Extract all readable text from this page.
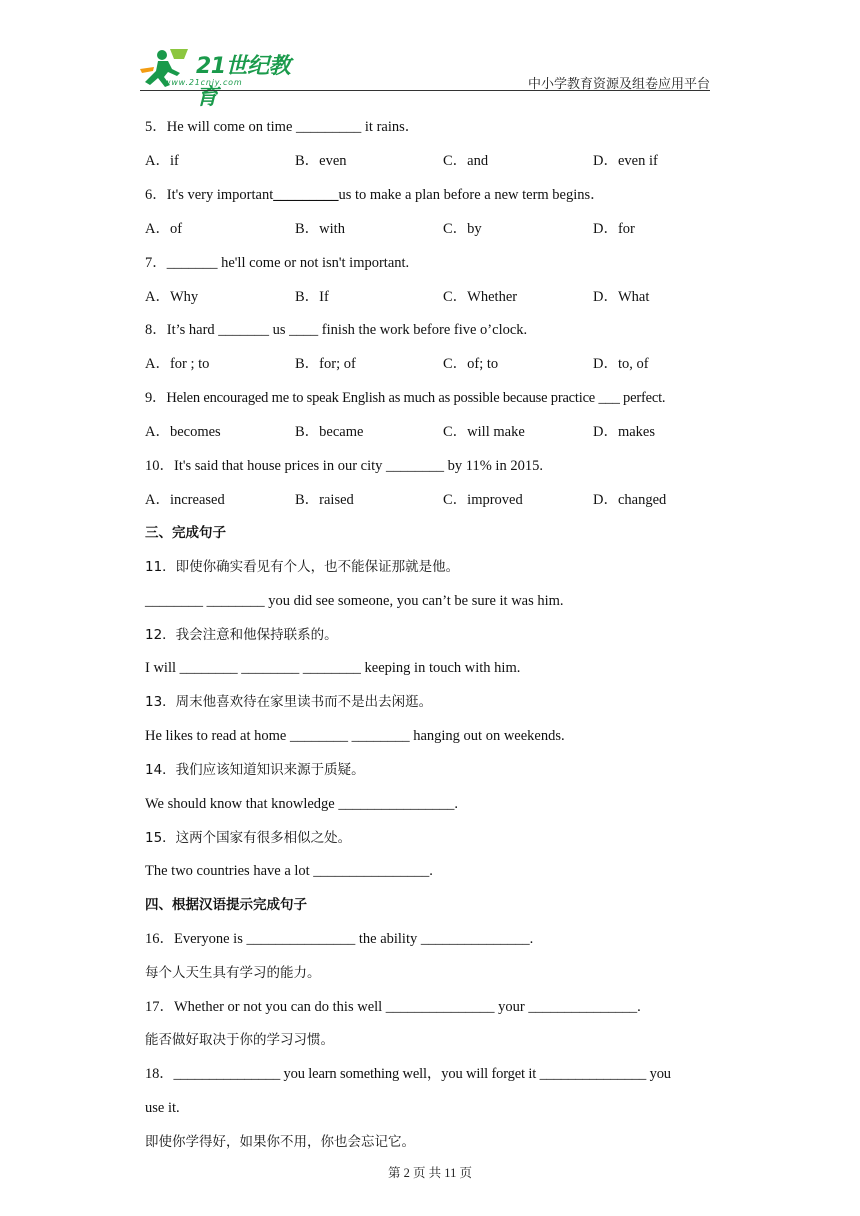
21世纪教育
www.21cnjy.com	中小学教育资源及组卷应用平台
5．He will come on time _________ it rains．
A．if	B．even	C．and	D．even if
6．It's very important_________us to make a plan before a new term begins．
A．of	B．with	C．by	D．for
7．_______ he'll come or not isn't important.
A．Why	B．If	C．Whether	D．What
8．It’s hard _______ us ____ finish the work before five o’clock.
A．for ; to	B．for; of	C．of; to	D．to, of
9．Helen encouraged me to speak English as much as possible because practice ___ perfect.
A．becomes	B．became	C．will make	D．makes
10．It's said that house prices in our city ________ by 11% in 2015.
A．increased	B．raised	C．improved	D．changed
三、完成句子
11．即使你确实看见有个人，也不能保证那就是他。
________ ________ you did see someone, you can’t be sure it was him.
12．我会注意和他保持联系的。
I will ________ ________ ________ keeping in touch with him.
13．周末他喜欢待在家里读书而不是出去闲逛。
He likes to read at home ________ ________ hanging out on weekends.
14．我们应该知道知识来源于质疑。
We should know that knowledge ________________.
15．这两个国家有很多相似之处。
The two countries have a lot ________________.
四、根据汉语提示完成句子
16．Everyone is _______________ the ability _______________.
每个人天生具有学习的能力。
17．Whether or not you can do this well _______________ your _______________.
能否做好取决于你的学习习惯。
18．_______________ you learn something well，you will forget it _______________ you
use it.
即使你学得好，如果你不用，你也会忘记它。
第 2 页 共 11 页
